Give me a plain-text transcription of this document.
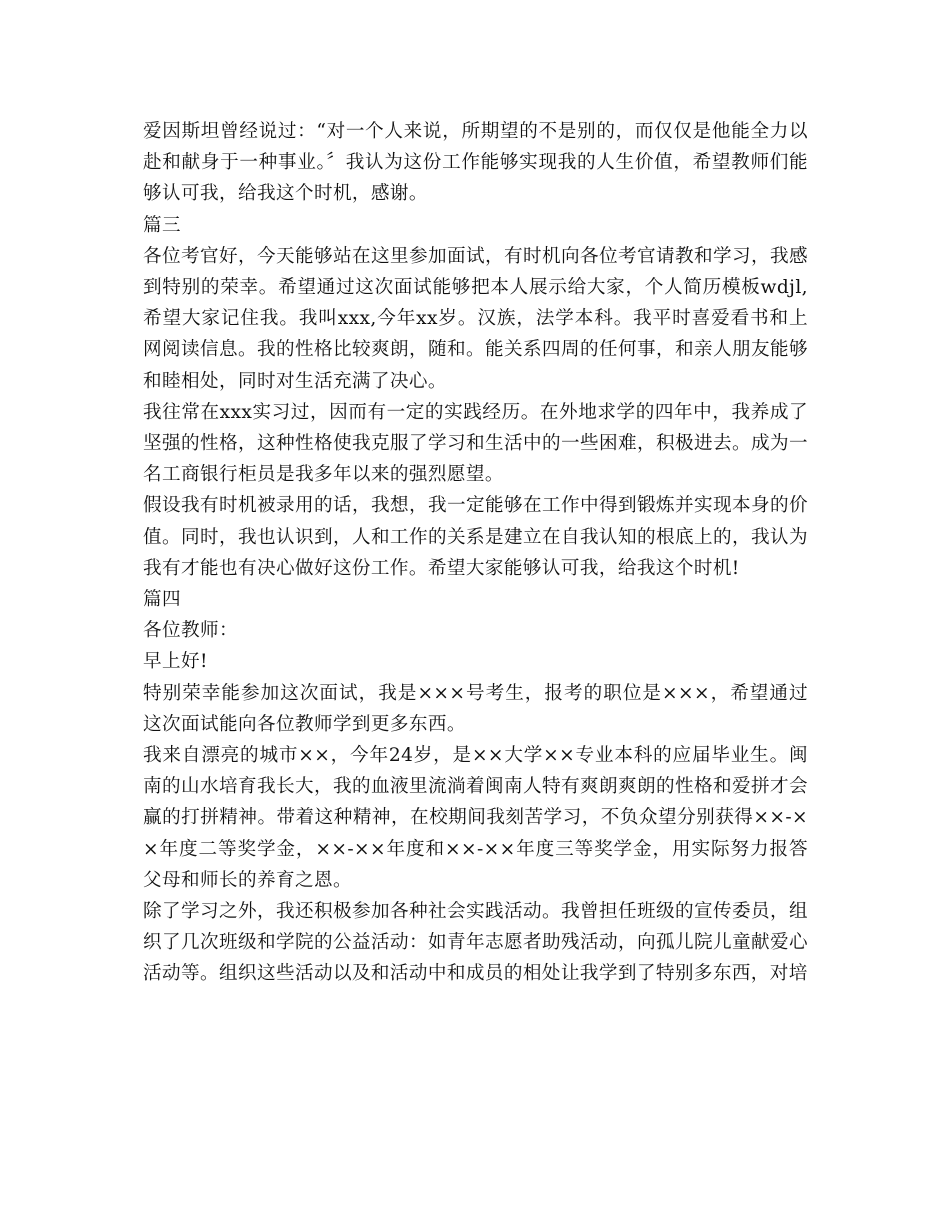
爱因斯坦曾经说过：“对一个人来说，所期望的不是别的，而仅仅是他能全力以赴和献身于一种事业。〞我认为这份工作能够实现我的人生价值，希望教师们能够认可我，给我这个时机，感谢。

篇三

各位考官好，今天能够站在这里参加面试，有时机向各位考官请教和学习，我感到特别的荣幸。希望通过这次面试能够把本人展示给大家，个人简历模板wdjl,希望大家记住我。我叫xxx,今年xx岁。汉族，法学本科。我平时喜爱看书和上网阅读信息。我的性格比较爽朗，随和。能关系四周的任何事，和亲人朋友能够和睦相处，同时对生活充满了决心。

我往常在xxx实习过，因而有一定的实践经历。在外地求学的四年中，我养成了坚强的性格，这种性格使我克服了学习和生活中的一些困难，积极进去。成为一名工商银行柜员是我多年以来的强烈愿望。

假设我有时机被录用的话，我想，我一定能够在工作中得到锻炼并实现本身的价值。同时，我也认识到，人和工作的关系是建立在自我认知的根底上的，我认为我有才能也有决心做好这份工作。希望大家能够认可我，给我这个时机!

篇四

各位教师：

早上好!

特别荣幸能参加这次面试，我是×××号考生，报考的职位是×××，希望通过这次面试能向各位教师学到更多东西。

我来自漂亮的城市××，今年24岁，是××大学××专业本科的应届毕业生。闽南的山水培育我长大，我的血液里流淌着闽南人特有爽朗爽朗的性格和爱拼才会赢的打拼精神。带着这种精神，在校期间我刻苦学习，不负众望分别获得××-××年度二等奖学金，××-××年度和××-××年度三等奖学金，用实际努力报答父母和师长的养育之恩。

除了学习之外，我还积极参加各种社会实践活动。我曾担任班级的宣传委员，组织了几次班级和学院的公益活动：如青年志愿者助残活动，向孤儿院儿童献爱心活动等。组织这些活动以及和活动中和成员的相处让我学到了特别多东西，对培
